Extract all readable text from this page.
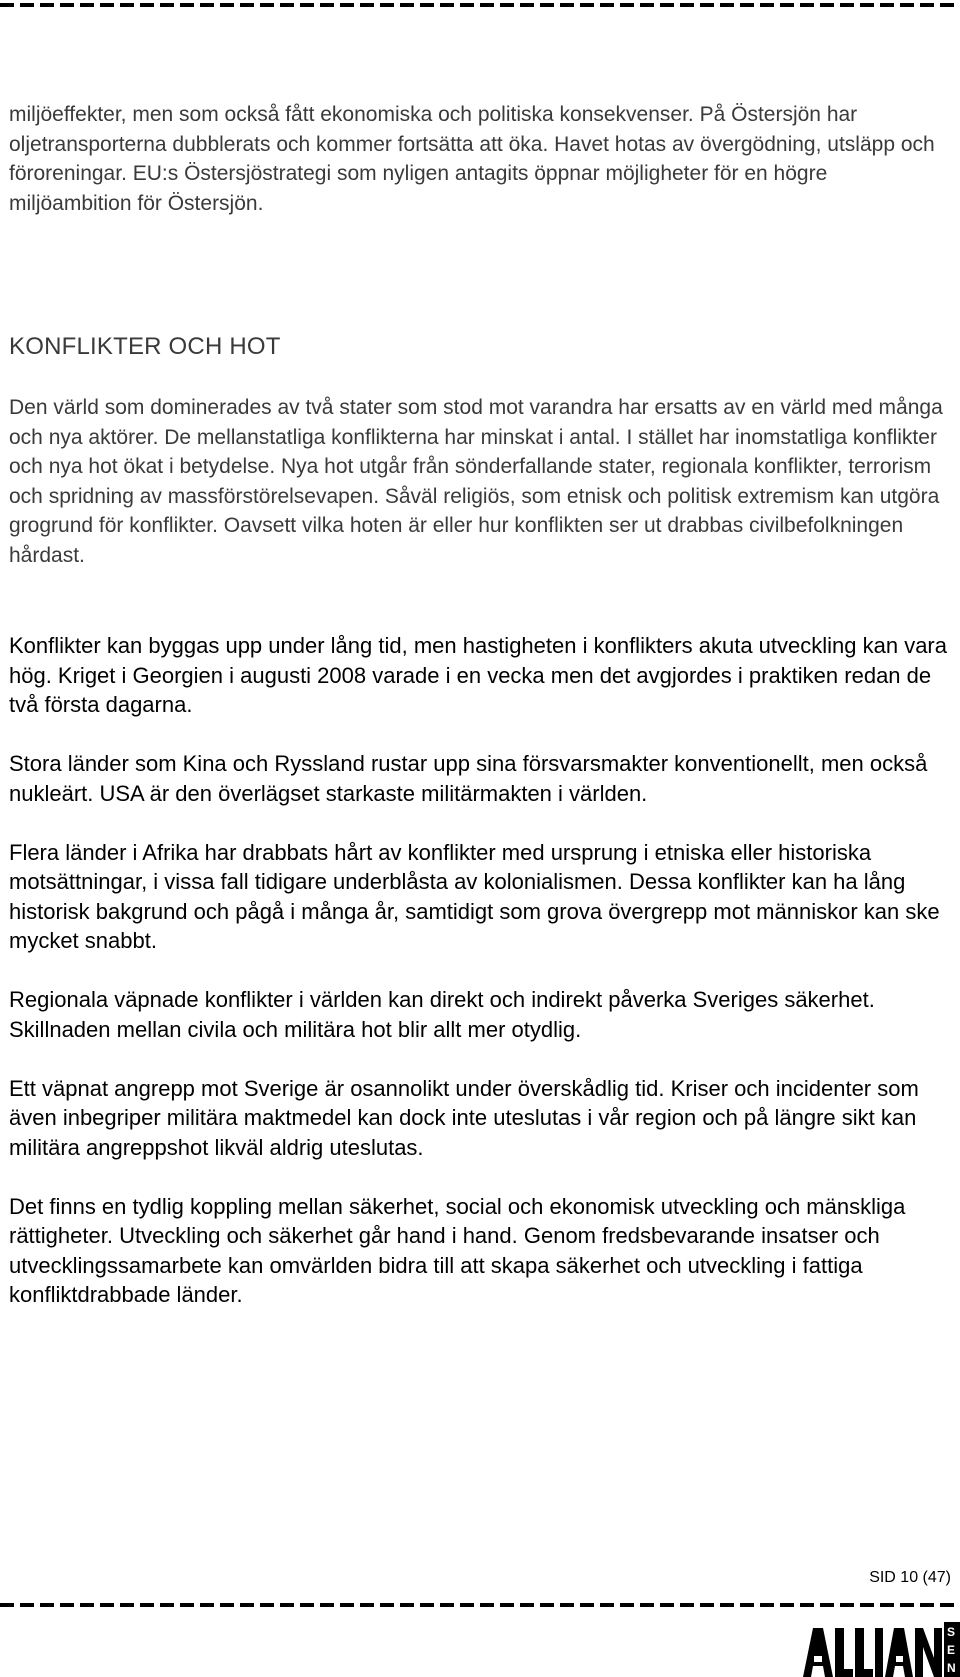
miljöeffekter, men som också fått ekonomiska och politiska konsekvenser. På Östersjön har oljetransporterna dubblerats och kommer fortsätta att öka. Havet hotas av övergödning, utsläpp och föroreningar. EU:s Östersjöstrategi som nyligen antagits öppnar möjligheter för en högre miljöambition för Östersjön.

KONFLIKTER OCH HOT

Den värld som dominerades av två stater som stod mot varandra har ersatts av en värld med många och nya aktörer. De mellanstatliga konflikterna har minskat i antal. I stället har inomstatliga konflikter och nya hot ökat i betydelse. Nya hot utgår från sönderfallande stater, regionala konflikter, terrorism och spridning av massförstörelsevapen. Såväl religiös, som etnisk och politisk extremism kan utgöra grogrund för konflikter. Oavsett vilka hoten är eller hur konflikten ser ut drabbas civilbefolkningen hårdast.

Konflikter kan byggas upp under lång tid, men hastigheten i konflikters akuta utveckling kan vara hög. Kriget i Georgien i augusti 2008 varade i en vecka men det avgjordes i praktiken redan de två första dagarna.

Stora länder som Kina och Ryssland rustar upp sina försvarsmakter konventionellt, men också nukleärt. USA är den överlägset starkaste militärmakten i världen.

Flera länder i Afrika har drabbats hårt av konflikter med ursprung i etniska eller historiska motsättningar, i vissa fall tidigare underblåsta av kolonialismen. Dessa konflikter kan ha lång historisk bakgrund och pågå i många år, samtidigt som grova övergrepp mot människor kan ske mycket snabbt.

Regionala väpnade konflikter i världen kan direkt och indirekt påverka Sveriges säkerhet. Skillnaden mellan civila och militära hot blir allt mer otydlig.

Ett väpnat angrepp mot Sverige är osannolikt under överskådlig tid. Kriser och incidenter som även inbegriper militära maktmedel kan dock inte uteslutas i vår region och på längre sikt kan militära angreppshot likväl aldrig uteslutas.

Det finns en tydlig koppling mellan säkerhet, social och ekonomisk utveckling och mänskliga rättigheter. Utveckling och säkerhet går hand i hand. Genom fredsbevarande insatser och utvecklingssamarbete kan omvärlden bidra till att skapa säkerhet och utveckling i fattiga konfliktdrabbade länder.

SID 10 (47)
S
E
N
